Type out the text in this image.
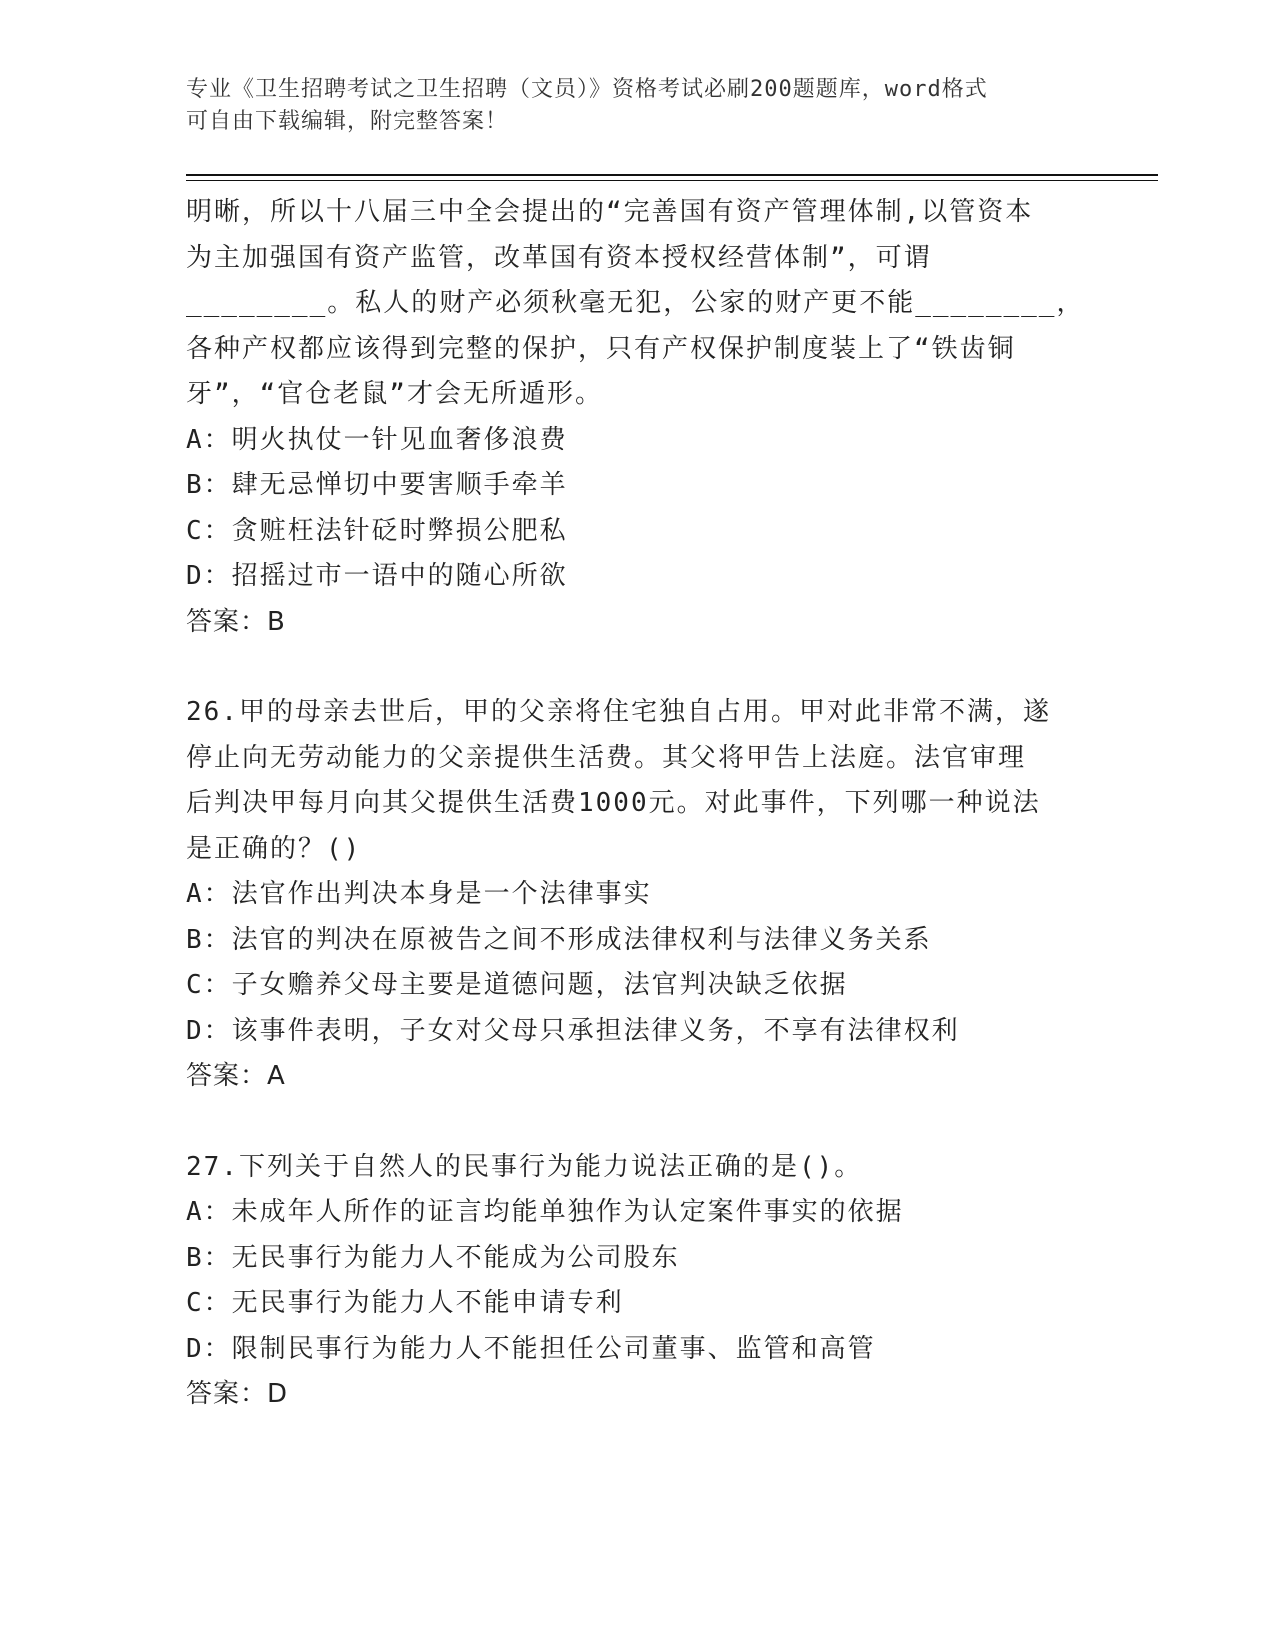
专业《卫生招聘考试之卫生招聘（文员）》资格考试必刷200题题库，word格式
可自由下载编辑，附完整答案！

明晰，所以十八届三中全会提出的“完善国有资产管理体制,以管资本

为主加强国有资产监管，改革国有资本授权经营体制”，可谓

________。私人的财产必须秋毫无犯，公家的财产更不能________，

各种产权都应该得到完整的保护，只有产权保护制度装上了“铁齿铜

牙”，“官仓老鼠”才会无所遁形。

A：明火执仗一针见血奢侈浪费

B：肆无忌惮切中要害顺手牵羊

C：贪赃枉法针砭时弊损公肥私

D：招摇过市一语中的随心所欲

答案：B

26.甲的母亲去世后，甲的父亲将住宅独自占用。甲对此非常不满，遂

停止向无劳动能力的父亲提供生活费。其父将甲告上法庭。法官审理

后判决甲每月向其父提供生活费1000元。对此事件，下列哪一种说法

是正确的？()

A：法官作出判决本身是一个法律事实

B：法官的判决在原被告之间不形成法律权利与法律义务关系

C：子女赡养父母主要是道德问题，法官判决缺乏依据

D：该事件表明，子女对父母只承担法律义务，不享有法律权利

答案：A

27.下列关于自然人的民事行为能力说法正确的是()。

A：未成年人所作的证言均能单独作为认定案件事实的依据

B：无民事行为能力人不能成为公司股东

C：无民事行为能力人不能申请专利

D：限制民事行为能力人不能担任公司董事、监管和高管

答案：D
